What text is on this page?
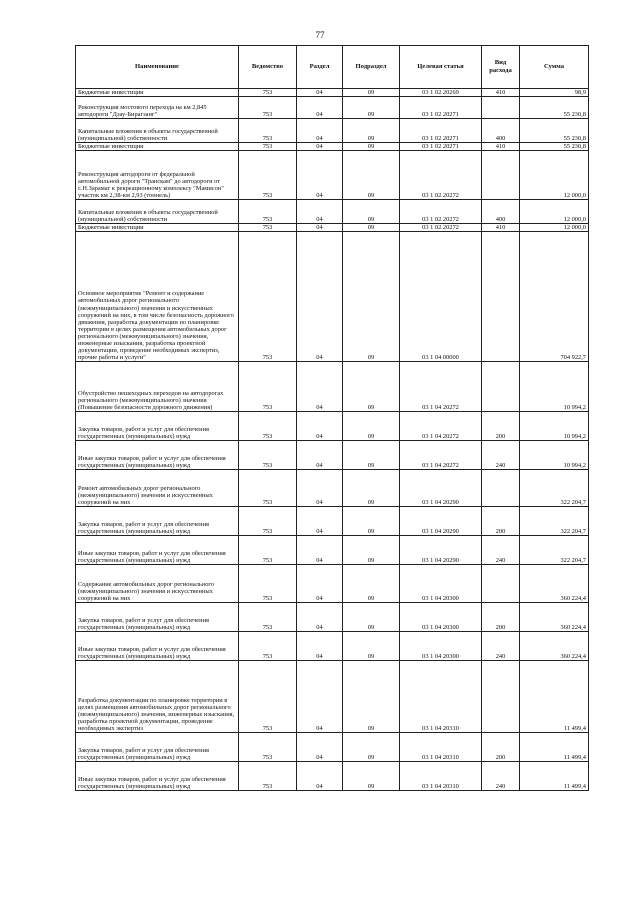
77
Наименование	Ведомство	Раздел	Подраздел	Целевая статья	Вид расхода	Сумма
Бюджетные инвестиции	753	04	09	03 1 02 20269	410	98,9
Реконструкция мостового перехода на км 2,845 автодороги "Дзау-Бирагзанг"	753	04	09	03 1 02 20271		55 230,8
Капитальные вложения в объекты государственной (муниципальной) собственности	753	04	09	03 1 02 20271	400	55 230,8
Бюджетные инвестиции	753	04	09	03 1 02 20271	410	55 230,8
Реконструкция автодороги от федеральной автомобильной дороги "Транскам" до автодороги от с.Н.Зарамаг к рекреационному комплексу "Мамисон" участок км 2,38-км 2,93 (тоннель)	753	04	09	03 1 02 20272		12 000,0
Капитальные вложения в объекты государственной (муниципальной) собственности	753	04	09	03 1 02 20272	400	12 000,0
Бюджетные инвестиции	753	04	09	03 1 02 20272	410	12 000,0
Основное мероприятие "Ремонт и содержание автомобильных дорог регионального (межмуниципального) значения и искусственных сооружений на них, в том числе безопасность дорожного движения, разработка документации по планировке территории в целях размещения автомобильных дорог регионального (межмуниципального) значения, инженерные изыскания, разработка проектной документации, проведение необходимых экспертиз, прочие работы и услуги"	753	04	09	03 1 04 00000		704 922,7
Обустройство пешеходных переходов на автодорогах регионального (межмуниципального) значения (Повышение безопасности дорожного движения)	753	04	09	03 1 04 20272		10 994,2
Закупка товаров, работ и услуг для обеспечения государственных (муниципальных) нужд	753	04	09	03 1 04 20272	200	10 994,2
Иные закупки товаров, работ и услуг для обеспечения государственных (муниципальных) нужд	753	04	09	03 1 04 20272	240	10 994,2
Ремонт автомобильных дорог регионального (межмуниципального) значения и искусственных сооружений на них	753	04	09	03 1 04 20290		322 204,7
Закупка товаров, работ и услуг для обеспечения государственных (муниципальных) нужд	753	04	09	03 1 04 20290	200	322 204,7
Иные закупки товаров, работ и услуг для обеспечения государственных (муниципальных) нужд	753	04	09	03 1 04 20290	240	322 204,7
Содержание автомобильных дорог регионального (межмуниципального) значения и искусственных сооружений на них	753	04	09	03 1 04 20300		360 224,4
Закупка товаров, работ и услуг для обеспечения государственных (муниципальных) нужд	753	04	09	03 1 04 20300	200	360 224,4
Иные закупки товаров, работ и услуг для обеспечения государственных (муниципальных) нужд	753	04	09	03 1 04 20300	240	360 224,4
Разработка документации по планировке территории в целях размещения автомобильных дорог регионального (межмуниципального) значения, инженерные изыскания, разработка проектной документации, проведение необходимых экспертиз	753	04	09	03 1 04 20310		11 499,4
Закупка товаров, работ и услуг для обеспечения государственных (муниципальных) нужд	753	04	09	03 1 04 20310	200	11 499,4
Иные закупки товаров, работ и услуг для обеспечения государственных (муниципальных) нужд	753	04	09	03 1 04 20310	240	11 499,4
